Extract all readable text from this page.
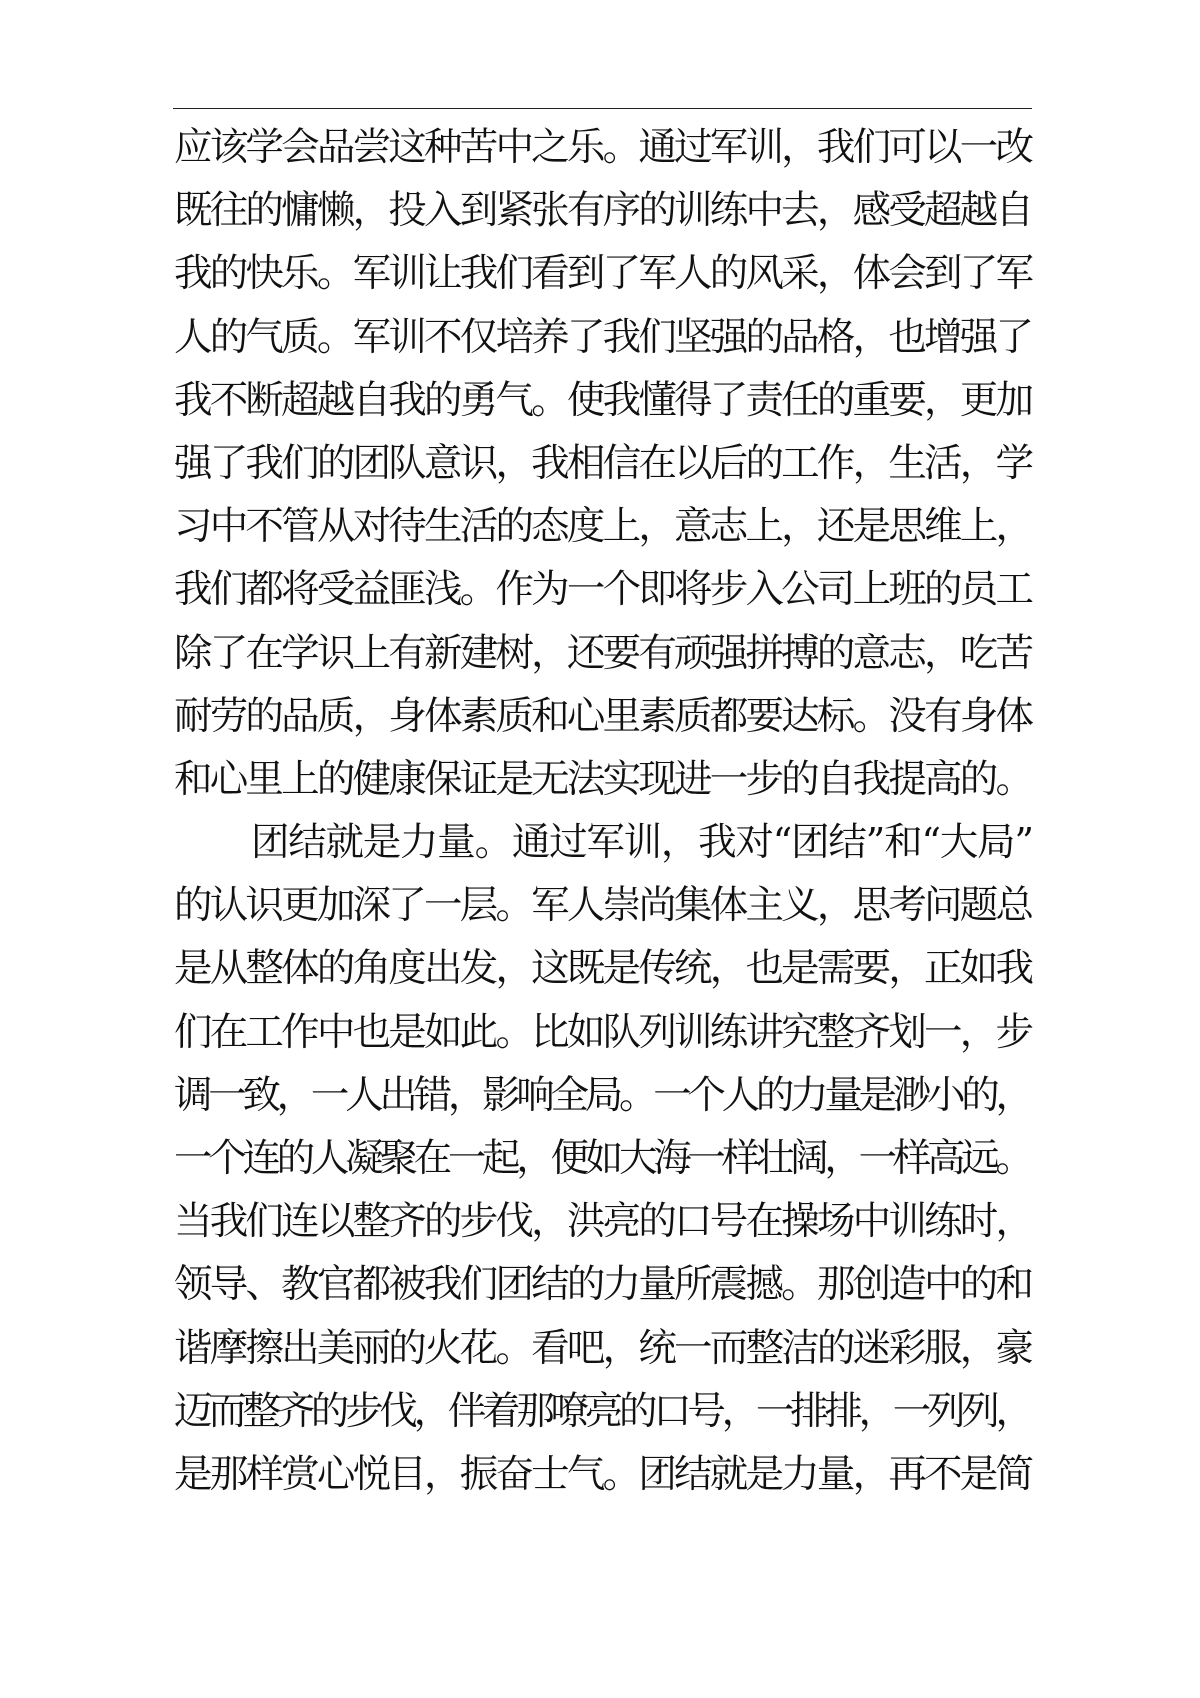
应该学会品尝这种苦中之乐。通过军训，我们可以一改
既往的慵懒，投入到紧张有序的训练中去，感受超越自
我的快乐。军训让我们看到了军人的风采，体会到了军
人的气质。军训不仅培养了我们坚强的品格，也增强了
我不断超越自我的勇气。使我懂得了责任的重要，更加
强了我们的团队意识，我相信在以后的工作，生活，学
习中不管从对待生活的态度上，意志上，还是思维上，
我们都将受益匪浅。作为一个即将步入公司上班的员工
除了在学识上有新建树，还要有顽强拼搏的意志，吃苦
耐劳的品质，身体素质和心里素质都要达标。没有身体
和心里上的健康保证是无法实现进一步的自我提高的。
团结就是力量。通过军训，我对“团结”和“大局”
的认识更加深了一层。军人崇尚集体主义，思考问题总
是从整体的角度出发，这既是传统，也是需要，正如我
们在工作中也是如此。比如队列训练讲究整齐划一，步
调一致，一人出错，影响全局。一个人的力量是渺小的，
一个连的人凝聚在一起，便如大海一样壮阔，一样高远。
当我们连以整齐的步伐，洪亮的口号在操场中训练时，
领导、教官都被我们团结的力量所震撼。那创造中的和
谐摩擦出美丽的火花。看吧，统一而整洁的迷彩服，豪
迈而整齐的步伐，伴着那嘹亮的口号，一排排，一列列，
是那样赏心悦目，振奋士气。团结就是力量，再不是简
